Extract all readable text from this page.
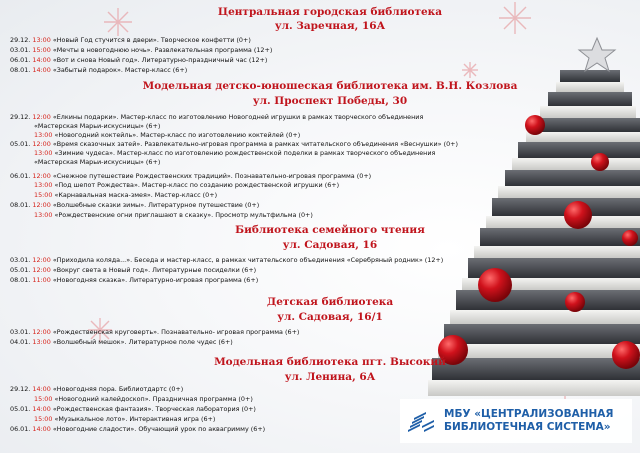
Центральная городская библиотека
ул. Заречная, 16А
29.12. 13:00 «Новый Год стучится в двери». Творческое конфетти (0+)
03.01. 15:00 «Мечты в новогоднюю ночь». Развлекательная программа (12+)
06.01. 14:00 «Вот и снова Новый год». Литературно-праздничный час (12+)
08.01. 14:00 «Забытый подарок». Мастер-класс (6+)
Модельная детско-юношеская библиотека им. В.Н. Козлова
ул. Проспект Победы, 30
29.12. 12:00 «Елкины подарки». Мастер-класс по изготовлению Новогодней игрушки в рамках творческого объединения
«Мастерская Марьи-искусницы» (6+)
13:00 «Новогодний коктейль». Мастер-класс по изготовлению коктейлей (0+)
05.01. 12:00 «Время сказочных затей». Развлекательно-игровая программа в рамках читательского объединения «Веснушки» (0+)
13:00 «Зимние чудеса». Мастер-класс по изготовлению рождественской поделки в рамках творческого объединения
«Мастерская Марьи-искусницы» (6+)
06.01. 12:00 «Снежное путешествие Рождественских традиций». Познавательно-игровая программа (0+)
13:00 «Под шепот Рождества». Мастер-класс по созданию рождественской игрушки (6+)
15:00 «Карнавальная маска-змея». Мастер-класс (0+)
08.01. 12:00 «Волшебные сказки зимы». Литературное путешествие (0+)
13:00 «Рождественские огни приглашают в сказку». Просмотр мультфильма (0+)
Библиотека семейного чтения
ул. Садовая, 16
03.01. 12:00 «Приходила коляда...». Беседа и мастер-класс, в рамках читательского объединения «Серебряный родник» (12+)
05.01. 12:00 «Вокруг света в Новый год». Литературные посиделки (6+)
08.01. 11:00 «Новогодняя сказка». Литературно-игровая программа (6+)
Детская библиотека
ул. Садовая, 16/1
03.01. 12:00 «Рождественская круговерть». Познавательно- игровая программа (6+)
04.01. 13:00 «Волшебный мешок». Литературное поле чудес (6+)
Модельная библиотека пгт. Высокий
ул. Ленина, 6А
29.12. 14:00 «Новогодняя пора. Библиотдартс (0+)
15:00 «Новогодний калейдоскоп». Праздничная программа (0+)
05.01. 14:00 «Рождественская фантазия». Творческая лаборатория (0+)
15:00 «Музыкальное лото». Интерактивная игра (6+)
06.01. 14:00 «Новогодние сладости». Обучающий урок по аквагримму (6+)
МБУ «ЦЕНТРАЛИЗОВАННАЯ
БИБЛИОТЕЧНАЯ СИСТЕМА»
